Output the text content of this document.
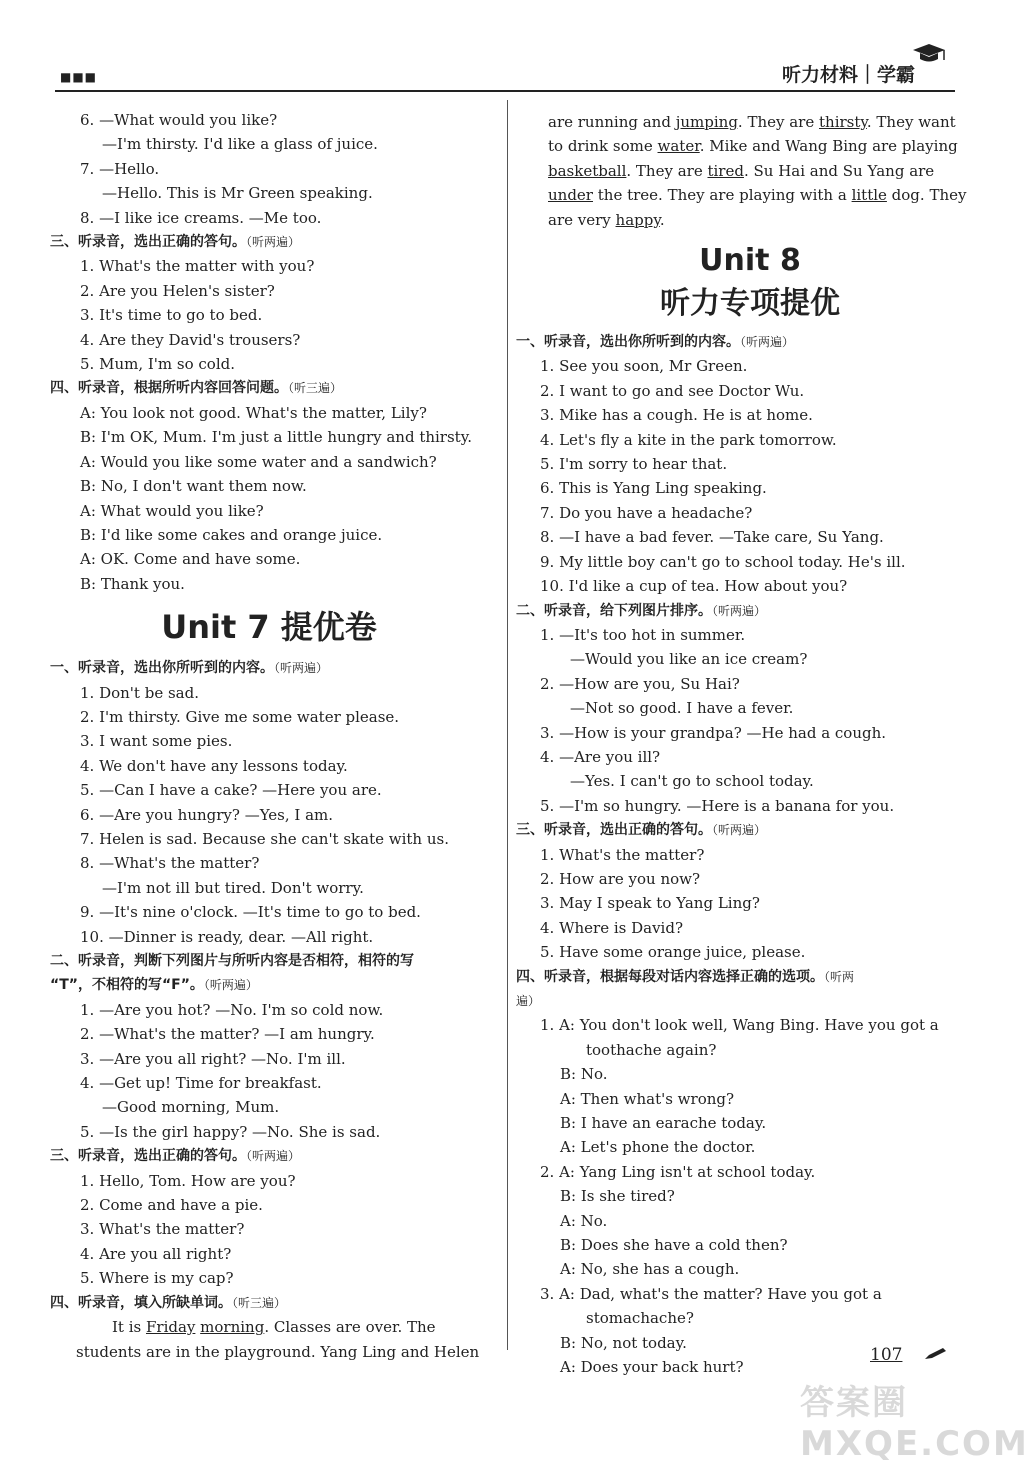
■■■	听力材料｜学霸
6. —What would you like?
—I'm thirsty. I'd like a glass of juice.
7. —Hello.
—Hello. This is Mr Green speaking.
8. —I like ice creams. —Me too.
三、听录音，选出正确的答句。（听两遍）
1. What's the matter with you?
2. Are you Helen's sister?
3. It's time to go to bed.
4. Are they David's trousers?
5. Mum, I'm so cold.
四、听录音，根据所听内容回答问题。（听三遍）
A: You look not good. What's the matter, Lily?
B: I'm OK, Mum. I'm just a little hungry and thirsty.
A: Would you like some water and a sandwich?
B: No, I don't want them now.
A: What would you like?
B: I'd like some cakes and orange juice.
A: OK. Come and have some.
B: Thank you.
Unit 7 提优卷
一、听录音，选出你所听到的内容。（听两遍）
1. Don't be sad.
2. I'm thirsty. Give me some water please.
3. I want some pies.
4. We don't have any lessons today.
5. —Can I have a cake? —Here you are.
6. —Are you hungry? —Yes, I am.
7. Helen is sad. Because she can't skate with us.
8. —What's the matter?
—I'm not ill but tired. Don't worry.
9. —It's nine o'clock. —It's time to go to bed.
10. —Dinner is ready, dear. —All right.
二、听录音，判断下列图片与所听内容是否相符，相符的写
“T”，不相符的写“F”。（听两遍）
1. —Are you hot? —No. I'm so cold now.
2. —What's the matter? —I am hungry.
3. —Are you all right? —No. I'm ill.
4. —Get up! Time for breakfast.
—Good morning, Mum.
5. —Is the girl happy? —No. She is sad.
三、听录音，选出正确的答句。（听两遍）
1. Hello, Tom. How are you?
2. Come and have a pie.
3. What's the matter?
4. Are you all right?
5. Where is my cap?
四、听录音，填入所缺单词。（听三遍）
It is Friday morning. Classes are over. The
students are in the playground. Yang Ling and Helen
are running and jumping. They are thirsty. They want
to drink some water. Mike and Wang Bing are playing
basketball. They are tired. Su Hai and Su Yang are
under the tree. They are playing with a little dog. They
are very happy.
Unit 8
听力专项提优
一、听录音，选出你所听到的内容。（听两遍）
1. See you soon, Mr Green.
2. I want to go and see Doctor Wu.
3. Mike has a cough. He is at home.
4. Let's fly a kite in the park tomorrow.
5. I'm sorry to hear that.
6. This is Yang Ling speaking.
7. Do you have a headache?
8. —I have a bad fever. —Take care, Su Yang.
9. My little boy can't go to school today. He's ill.
10. I'd like a cup of tea. How about you?
二、听录音，给下列图片排序。（听两遍）
1. —It's too hot in summer.
—Would you like an ice cream?
2. —How are you, Su Hai?
—Not so good. I have a fever.
3. —How is your grandpa? —He had a cough.
4. —Are you ill?
—Yes. I can't go to school today.
5. —I'm so hungry. —Here is a banana for you.
三、听录音，选出正确的答句。（听两遍）
1. What's the matter?
2. How are you now?
3. May I speak to Yang Ling?
4. Where is David?
5. Have some orange juice, please.
四、听录音，根据每段对话内容选择正确的选项。（听两
遍）
1. A: You don't look well, Wang Bing. Have you got a
toothache again?
B: No.
A: Then what's wrong?
B: I have an earache today.
A: Let's phone the doctor.
2. A: Yang Ling isn't at school today.
B: Is she tired?
A: No.
B: Does she have a cold then?
A: No, she has a cough.
3. A: Dad, what's the matter? Have you got a
stomachache?
B: No, not today.
A: Does your back hurt?
107
答案圈 MXQE.COM
